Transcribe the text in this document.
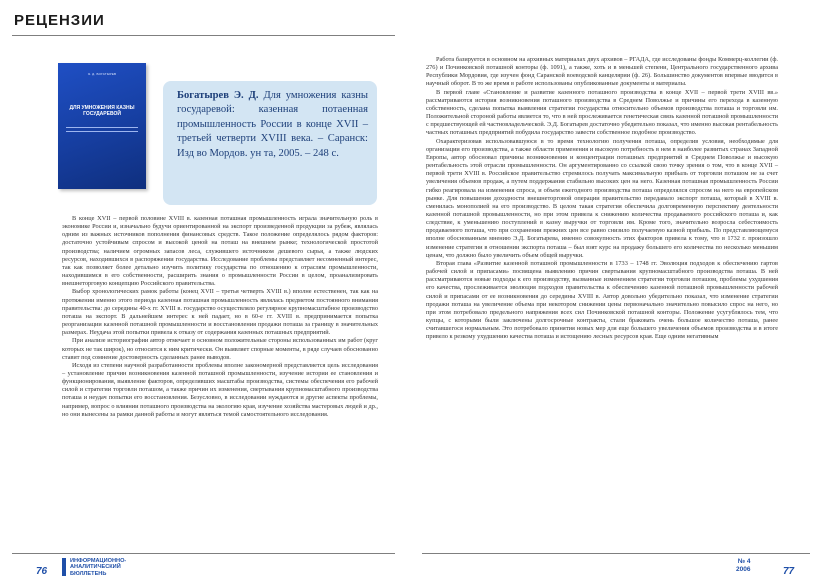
РЕЦЕНЗИИ
Э. Д. БОГАТЫРЕВ
ДЛЯ УМНОЖЕНИЯ КАЗНЫ ГОСУДАРЕВОЙ
Богатырев Э. Д. Для умножения казны государевой: казенная потаенная промышленность России в конце XVII – третьей четверти XVIII века. – Саранск: Изд во Мордов. ун та, 2005. – 248 с.

В конце XVII – первой половине XVIII в. казенная поташная промышленность играла значительную роль в экономике России и, изначально будучи ориентированной на экспорт произведенной продукции за рубеж, являлась одним из важных источников пополнения финансовых средств. Такое положение определялось рядом факторов: достаточно устойчивым спросом и высокой ценой на поташ на внешнем рынке; технологической простотой производства; наличием огромных запасов леса, служившего источником дешевого сырья, а также людских ресурсов, находившихся в распоряжении государства. Исследование проблемы представляет несомненный интерес, так как позволяет более детально изучить политику государства по отношению к отраслям промышленности, находившимся в его собственности, расширить знания о промышленности России в целом, проанализировать внешнеторговую концепцию Российского правительства.

Выбор хронологических рамок работы (конец XVII – третья четверть XVIII в.) вполне естественен, так как на протяжении именно этого периода казенная поташная промышленность являлась предметом постоянного внимания правительства: до середины 40-х гг. XVIII в. государство осуществляло регулярное крупномасштабное производство поташа на экспорт. В дальнейшем интерес к ней падает, но в 60-е гг. XVIII в. предпринимается попытка реорганизации казенной поташной промышленности и восстановления продажи поташа за границу в значительных размерах. Неудача этой попытки привела к отказу от содержания казенных поташных предприятий.

При анализе историографии автор отмечает в основном положительные стороны использованных им работ (круг которых не так широк), но относится к ним критически. Он выявляет спорные моменты, в ряде случаев обоснованно ставит под сомнение достоверность сделанных ранее выводов.

Исходя из степени научной разработанности проблемы вполне закономерной представляется цель исследования – установление причин возникновения казенной поташной промышленности, изучение истории ее становления и функционирования, выявление факторов, определявших масштабы производства, системы обеспечения его рабочей силой и стратегии торговли поташом, а также причин их изменения, свертывания крупномасштабного производства поташа и неудач попытки его восстановления. Безусловно, в исследовании нуждаются и другие аспекты проблемы, например, вопрос о влиянии поташного производства на экологию края, изучение хозяйства мастеровых людей и др., но они вынесены за рамки данной работы и могут являться темой самостоятельного исследования.

Работа базируется в основном на архивных материалах двух архивов – РГАДА, где исследованы фонды Коммерц-коллегии (ф. 276) и Починковской поташной конторы (ф. 1091), а также, хоть и в меньшей степени, Центрального государственного архива Республики Мордовия, где изучен фонд Саранской воеводской канцелярии (ф. 26). Большинство документов впервые вводится в научный оборот. В то же время в работе использованы опубликованные документы и материалы.

В первой главе «Становление и развитие казенного поташного производства в конце XVII – первой трети XVIII вв.» рассматриваются история возникновения поташного производства в Среднем Поволжье и причины его перехода в казенную собственность, сделана попытка выявления стратегии государства относительно объемов производства поташа и торговли им. Положительной стороной работы является то, что в ней прослеживается генетическая связь казенной поташной промышленности с предшествующей ей частновладельческой. Э.Д. Богатырев достаточно убедительно показал, что именно высокая рентабельность частных поташных предприятий побудила государство завести собственное подобное производство.

Охарактеризовав использовавшуюся в то время технологию получения поташа, определив условия, необходимые для организации его производства, а также области применения и высокую потребность в нем в наиболее развитых странах Западной Европы, автор обосновал причины возникновения и концентрации поташных предприятий в Среднем Поволжье и высокую рентабельность этой отрасли промышленности. Он аргументированно со ссылкой свою точку зрения о том, что в конце XVII – первой трети XVIII в. Российское правительство стремилось получать максимальную прибыль от торговли поташом не за счет увеличения объемов продаж, а путем поддержания стабильно высоких цен на него. Казенная поташная промышленность России гибко реагировала на изменения спроса, и объем ежегодного производства поташа определялся спросом на него на европейском рынке. Для повышения доходности внешнеторговой операции правительство передавало экспорт поташа, который в XVIII в. сменилась монополией на его производство. В целом такая стратегия обеспечила долговременную перспективу деятельности казенной поташной промышленности, но при этом привела к снижению количества продаваемого российского поташа и, как следствие, к уменьшению поступлений в казну выручки от торговли им. Кроме того, значительно возросла себестоимость продаваемого поташа, что при сохранении прежних цен все равно снизило получаемую казной прибыль. По представляющемуся вполне обоснованным мнению Э.Д. Богатырева, именно совокупность этих факторов привела к тому, что в 1732 г. произошло изменение стратегии в отношении экспорта поташа – был взят курс на продажу большего его количества по несколько меньшим ценам, что должно было увеличить объем общей выручки.

Вторая глава «Развитие казенной поташной промышленности в 1733 – 1748 гг. Эволюция подходов к обеспечению гартов рабочей силой и припасами» посвящена выявлению причин свертывания крупномасштабного производства поташа. В ней рассматриваются новые подходы к его производству, вызванные изменением стратегии торговли поташом, проблемы ухудшения его качества, прослеживается эволюция подходов правительства к обеспечению казенной поташной промышленности рабочей силой и припасами от ее возникновения до середины XVIII в. Автор довольно убедительно показал, что изменение стратегии продажи поташа на увеличение объема при некотором снижении цены первоначально значительно повысило спрос на него, но при этом потребовало предельного напряжения всех сил Починковской поташной конторы. Положение усугублялось тем, что купцы, с которыми были заключены долгосрочные контракты, стали браковать очень большое количество поташа, ранее считавшегося нормальным. Это потребовало принятия новых мер для еще большего увеличения объемов производства и в итоге привело к резкому ухудшению качества поташа и истощению лесных ресурсов края. Еще одним негативным

76
ИНФОРМАЦИОННО-
АНАЛИТИЧЕСКИЙ
БЮЛЛЕТЕНЬ
№ 4
2006	77
